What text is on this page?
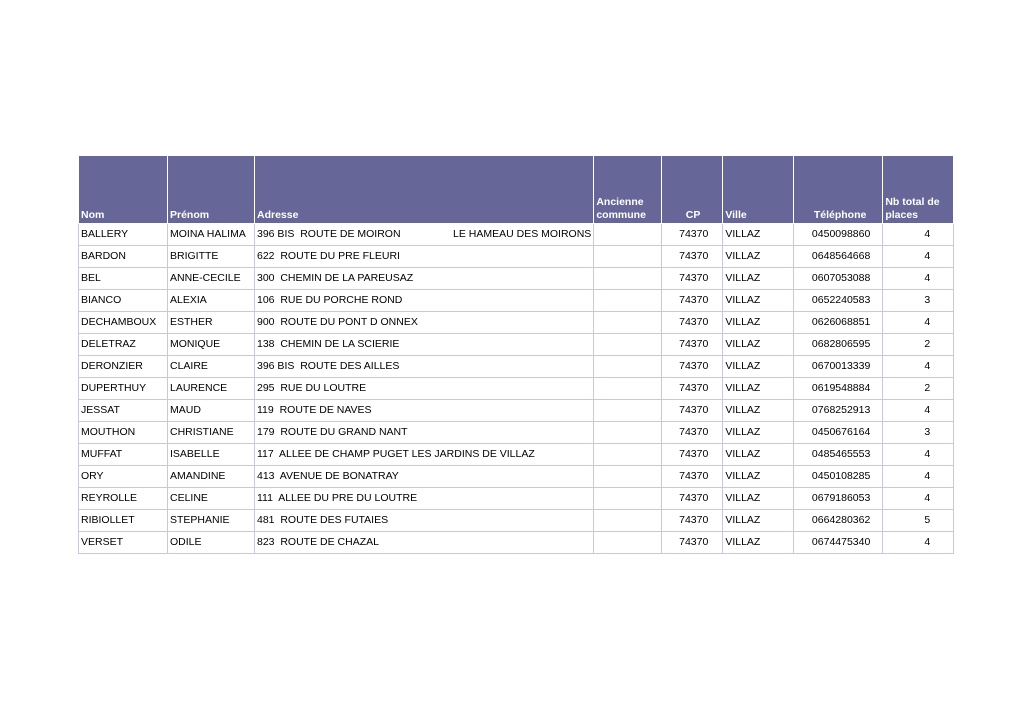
Nom	Prénom	Adresse	Ancienne commune	CP	Ville	Téléphone	Nb total de places
BALLERY	MOINA HALIMA	396 BIS  ROUTE DE MOIRON                  LE HAMEAU DES MOIRONS		74370	VILLAZ	0450098860	4
BARDON	BRIGITTE	622  ROUTE DU PRE FLEURI		74370	VILLAZ	0648564668	4
BEL	ANNE-CECILE	300  CHEMIN DE LA PAREUSAZ		74370	VILLAZ	0607053088	4
BIANCO	ALEXIA	106  RUE DU PORCHE ROND		74370	VILLAZ	0652240583	3
DECHAMBOUX	ESTHER	900  ROUTE DU PONT D ONNEX		74370	VILLAZ	0626068851	4
DELETRAZ	MONIQUE	138  CHEMIN DE LA SCIERIE		74370	VILLAZ	0682806595	2
DERONZIER	CLAIRE	396 BIS  ROUTE DES AILLES		74370	VILLAZ	0670013339	4
DUPERTHUY	LAURENCE	295  RUE DU LOUTRE		74370	VILLAZ	0619548884	2
JESSAT	MAUD	119  ROUTE DE NAVES		74370	VILLAZ	0768252913	4
MOUTHON	CHRISTIANE	179  ROUTE DU GRAND NANT		74370	VILLAZ	0450676164	3
MUFFAT	ISABELLE	117  ALLEE DE CHAMP PUGET LES JARDINS DE VILLAZ		74370	VILLAZ	0485465553	4
ORY	AMANDINE	413  AVENUE DE BONATRAY		74370	VILLAZ	0450108285	4
REYROLLE	CELINE	111  ALLEE DU PRE DU LOUTRE		74370	VILLAZ	0679186053	4
RIBIOLLET	STEPHANIE	481  ROUTE DES FUTAIES		74370	VILLAZ	0664280362	5
VERSET	ODILE	823  ROUTE DE CHAZAL		74370	VILLAZ	0674475340	4
